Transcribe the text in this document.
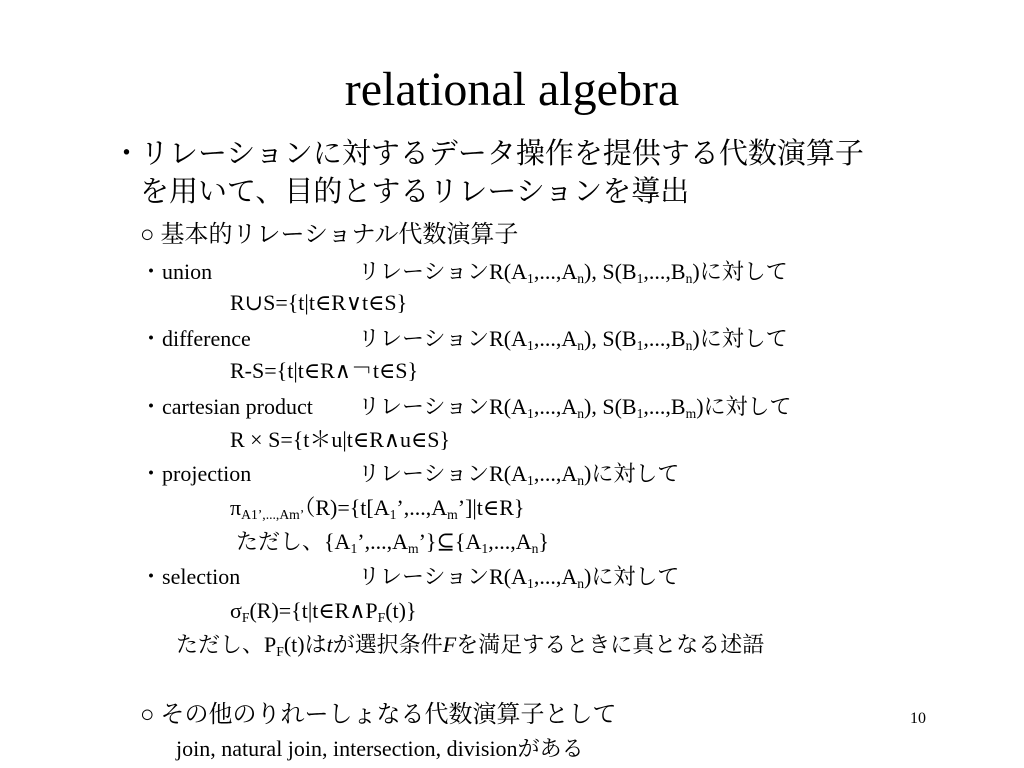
relational algebra
・
リレーションに対するデータ操作を提供する代数演算子
を用いて、目的とするリレーションを導出
○ 基本的リレーショナル代数演算子
・union	リレーション$R(A_1,...,A_n)$, $S(B_1,...,B_n)$に対して
R∪S={t|t∈R∨t∈S}
・difference	リレーション$R(A_1,...,A_n)$, $S(B_1,...,B_n)$に対して
R-S={t|t∈R∧￢t∈S}
・cartesian product リレーション$R(A_1,...,A_n)$, $S(B_1,...,B_m)$に対して
R × S={t＊u|t∈R∧u∈S}
・projection	リレーション$R(A_1,...,A_n)$に対して
$\pi_{A1’,...,Am’}(R)=\{t[A_1’,...,A_m’]|t\in R\}$
ただし、$\{A_1’,...,A_m’\}⊆\{A_1,...,A_n\}$
・selection	リレーション$R(A_1,...,A_n)$に対して
$\sigma_F(R)=\{t|t\in R\wedge P_F(t)\}$
ただし、$P_F(t)$はtが選択条件Fを満足するときに真となる述語
○ その他のりれーしょなる代数演算子として
join, natural join, intersection, divisionがある
10
